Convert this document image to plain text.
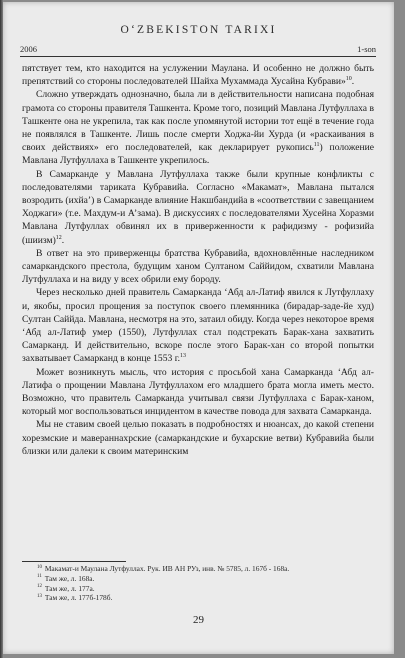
O‘ZBEKISTON TARIXI
2006	1-son

пятствует тем, кто находится на услужении Маулана. И особенно не должно быть препятствий со стороны последователей Шайха Мухаммада Хусайна Кубрави»$^{10}$.

Сложно утверждать однозначно, была ли в действительности написана подобная грамота со стороны правителя Ташкента. Кроме того, позиций Мавлана Лутфуллаха в Ташкенте она не укрепила, так как после упомянутой истории тот ещё в течение года не появлялся в Ташкенте. Лишь после смерти Ходжа-йи Хурда (и «раскаивания в своих действиях» его последователей, как декларирует рукопись$^{11}$) положение Мавлана Лутфуллаха в Ташкенте укрепилось.

В Самарканде у Мавлана Лутфуллаха также были крупные конфликты с последователями тариката Кубравийа. Согласно «Макамат», Мавлана пытался возродить (ихйа’) в Самарканде влияние Накшбандийа в «соответствии с завещанием Ходжаги» (т.е. Махдум-и А’зама). В дискуссиях с последователями Хусейна Хоразми Мавлана Лутфуллах обвинял их в приверженности к рафидизму - рофизийа (шиизм)$^{12}$.

В ответ на это приверженцы братства Кубравийа, вдохновлённые наследником самаркандского престола, будущим ханом Султаном Саййидом, схватили Мавлана Лутфуллаха и на виду у всех обрили ему бороду.

Через несколько дней правитель Самарканда ‘Абд ал-Латиф явился к Лутфуллаху и, якобы, просил прощения за поступок своего племянника (бирадар-заде-йе худ) Султан Саййда. Мавлана, несмотря на это, затаил обиду. Когда через некоторое время ‘Абд ал-Латиф умер (1550), Лутфуллах стал подстрекать Барак-хана захватить Самарканд. И действительно, вскоре после этого Барак-хан со второй попытки захватывает Самарканд в конце 1553 г.$^{13}$

Может возникнуть мысль, что история с просьбой хана Самарканда ‘Абд ал-Латифа о прощении Мавлана Лутфуллахом его младшего брата могла иметь место. Возможно, что правитель Самарканда учитывал связи Лутфуллаха с Барак-ханом, который мог воспользоваться инцидентом в качестве повода для захвата Самарканда.

Мы не ставим своей целью показать в подробностях и нюансах, до какой степени хорезмские и мавераннахрские (самаркандские и бухарские ветви) Кубравийа были близки или далеки к своим материнским

$^{10}$ Макамат-и Маулана Лутфуллах. Рук. ИВ АН РУз, инв. № 5785, л. 167б - 168а.
$^{11}$ Там же, л. 168а.
$^{12}$ Там же, л. 177а.
$^{13}$ Там же, л. 177б-178б.
29
